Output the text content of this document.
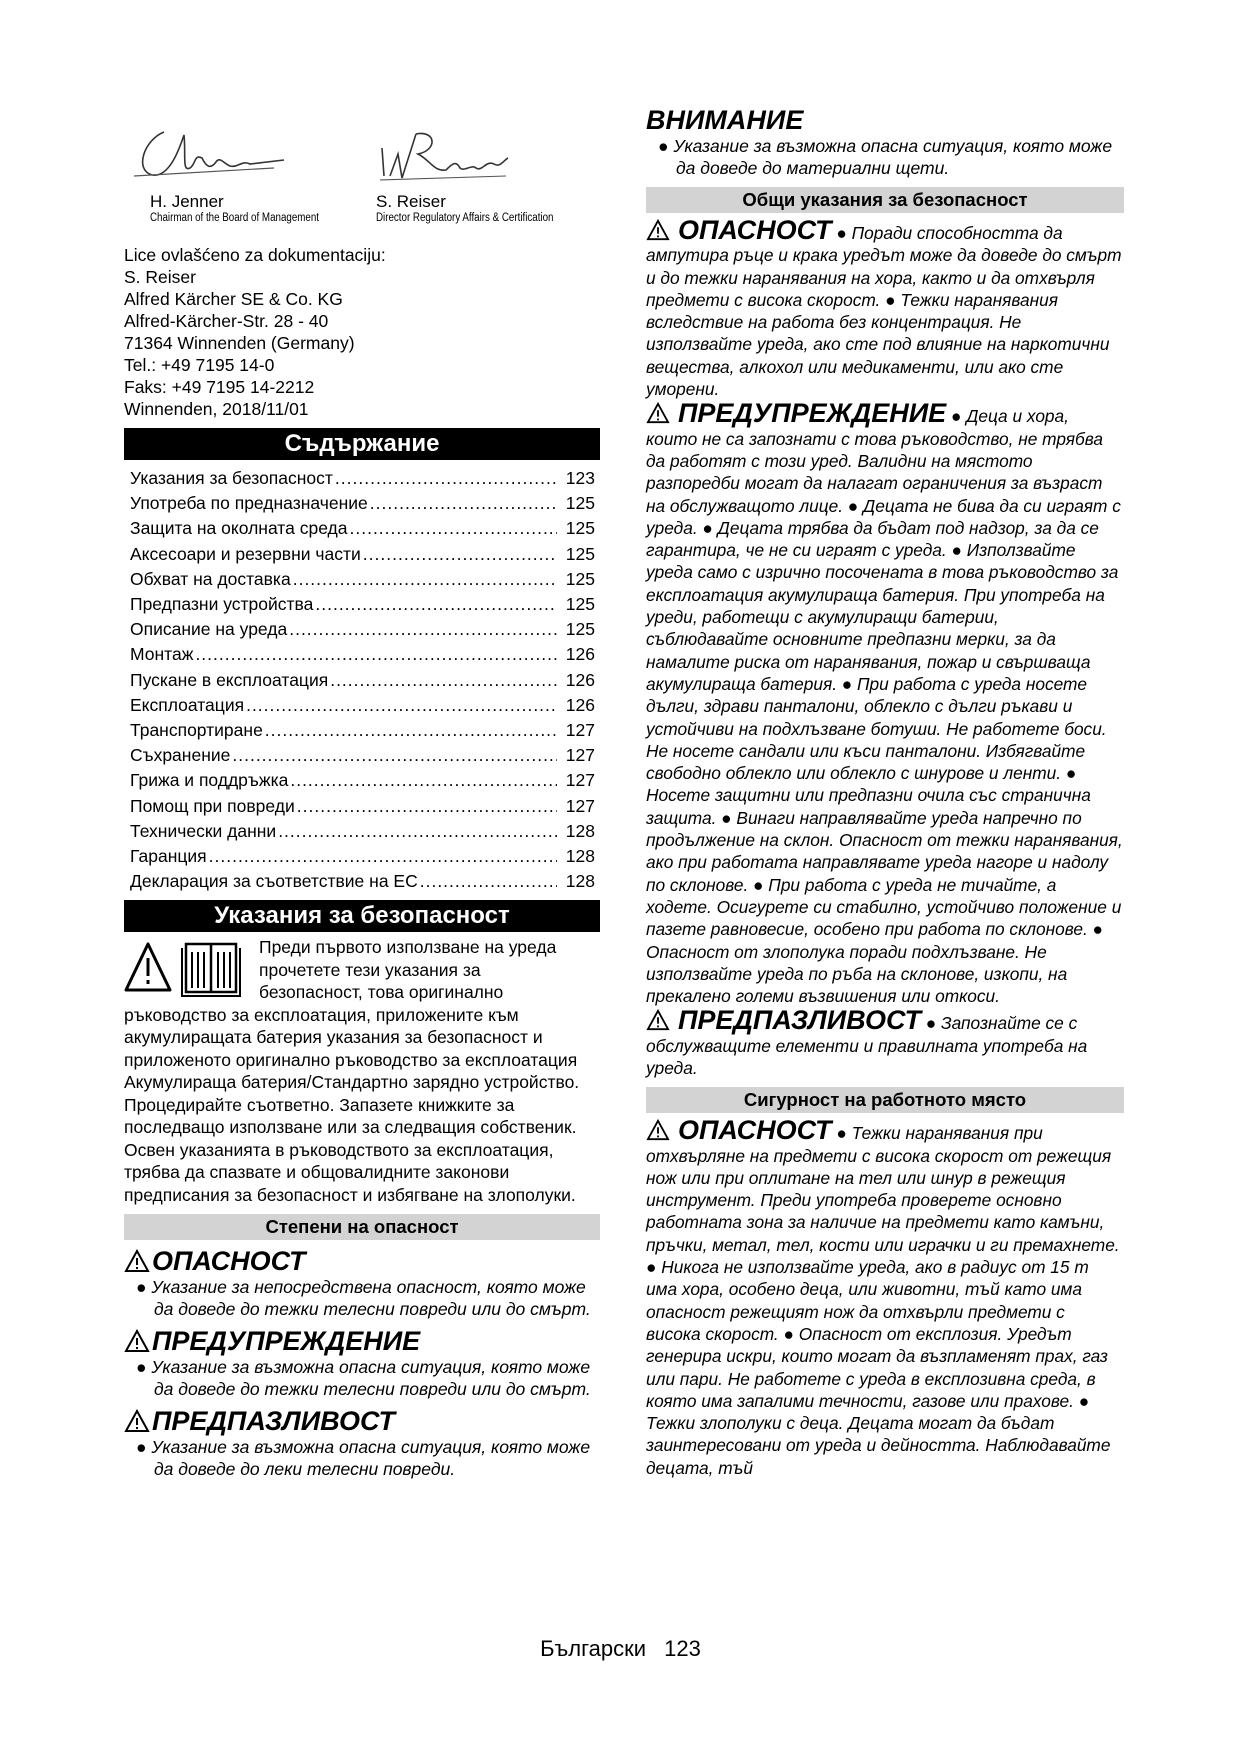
H. Jenner
Chairman of the Board of Management
S. Reiser
Director Regulatory Affairs & Certification
Lice ovlašćeno za dokumentaciju:
S. Reiser
Alfred Kärcher SE & Co. KG
Alfred-Kärcher-Str. 28 - 40
71364 Winnenden (Germany)
Tel.: +49 7195 14-0
Faks: +49 7195 14-2212
Winnenden, 2018/11/01
Съдържание
Указания за безопасност .....	123
Употреба по предназначение .....	125
Защита на околната среда .....	125
Аксесоари и резервни части .....	125
Обхват на доставка .....	125
Предпазни устройства .....	125
Описание на уреда .....	125
Монтаж .....	126
Пускане в експлоатация .....	126
Експлоатация .....	126
Транспортиране .....	127
Съхранение .....	127
Грижа и поддръжка .....	127
Помощ при повреди .....	127
Технически данни .....	128
Гаранция .....	128
Декларация за съответствие на ЕС .....	128
Указания за безопасност
Преди първото използване на уреда
прочетете тези указания за
безопасност, това оригинално
ръководство за експлоатация, приложените към акумулиращата батерия указания за безопасност и приложеното оригинално ръководство за експлоатация Акумулираща батерия/Стандартно зарядно устройство. Процедирайте съответно. Запазете книжките за последващо използване или за следващия собственик.
Освен указанията в ръководството за експлоатация, трябва да спазвате и общовалидните законови предписания за безопасност и избягване на злополуки.
Степени на опасност
ОПАСНОСТ
● Указание за непосредствена опасност, която може да доведе до тежки телесни повреди или до смърт.
ПРЕДУПРЕЖДЕНИЕ
● Указание за възможна опасна ситуация, която може да доведе до тежки телесни повреди или до смърт.
ПРЕДПАЗЛИВОСТ
● Указание за възможна опасна ситуация, която може да доведе до леки телесни повреди.
ВНИМАНИЕ
● Указание за възможна опасна ситуация, която може да доведе до материални щети.
Общи указания за безопасност
ОПАСНОСТ ● Поради способността да ампутира ръце и крака уредът може да доведе до смърт и до тежки наранявания на хора, както и да отхвърля предмети с висока скорост. ● Тежки наранявания вследствие на работа без концентрация. Не използвайте уреда, ако сте под влияние на наркотични вещества, алкохол или медикаменти, или ако сте уморени.
ПРЕДУПРЕЖДЕНИЕ ● Деца и хора, които не са запознати с това ръководство, не трябва да работят с този уред. Валидни на мястото разпоредби могат да налагат ограничения за възраст на обслужващото лице. ● Децата не бива да си играят с уреда. ● Децата трябва да бъдат под надзор, за да се гарантира, че не си играят с уреда. ● Използвайте уреда само с изрично посочената в това ръководство за експлоатация акумулираща батерия. При употреба на уреди, работещи с акумулиращи батерии, съблюдавайте основните предпазни мерки, за да намалите риска от наранявания, пожар и свършваща акумулираща батерия. ● При работа с уреда носете дълги, здрави панталони, облекло с дълги ръкави и устойчиви на подхлъзване ботуши. Не работете боси. Не носете сандали или къси панталони. Избягвайте свободно облекло или облекло с шнурове и ленти. ● Носете защитни или предпазни очила със странична защита. ● Винаги направлявайте уреда напречно по продължение на склон. Опасност от тежки наранявания, ако при работата направлявате уреда нагоре и надолу по склонове. ● При работа с уреда не тичайте, а ходете. Осигурете си стабилно, устойчиво положение и пазете равновесие, особено при работа по склонове. ● Опасност от злополука поради подхлъзване. Не използвайте уреда по ръба на склонове, изкопи, на прекалено големи възвишения или откоси.
ПРЕДПАЗЛИВОСТ ● Запознайте се с обслужващите елементи и правилната употреба на уреда.
Сигурност на работното място
ОПАСНОСТ ● Тежки наранявания при отхвърляне на предмети с висока скорост от режещия нож или при оплитане на тел или шнур в режещия инструмент. Преди употреба проверете основно работната зона за наличие на предмети като камъни, пръчки, метал, тел, кости или играчки и ги премахнете. ● Никога не използвайте уреда, ако в радиус от 15 m има хора, особено деца, или животни, тъй като има опасност режещият нож да отхвърли предмети с висока скорост. ● Опасност от експлозия. Уредът генерира искри, които могат да възпламенят прах, газ или пари. Не работете с уреда в експлозивна среда, в която има запалими течности, газове или прахове. ● Тежки злополуки с деца. Децата могат да бъдат заинтересовани от уреда и дейността. Наблюдавайте децата, тъй
Български 123
